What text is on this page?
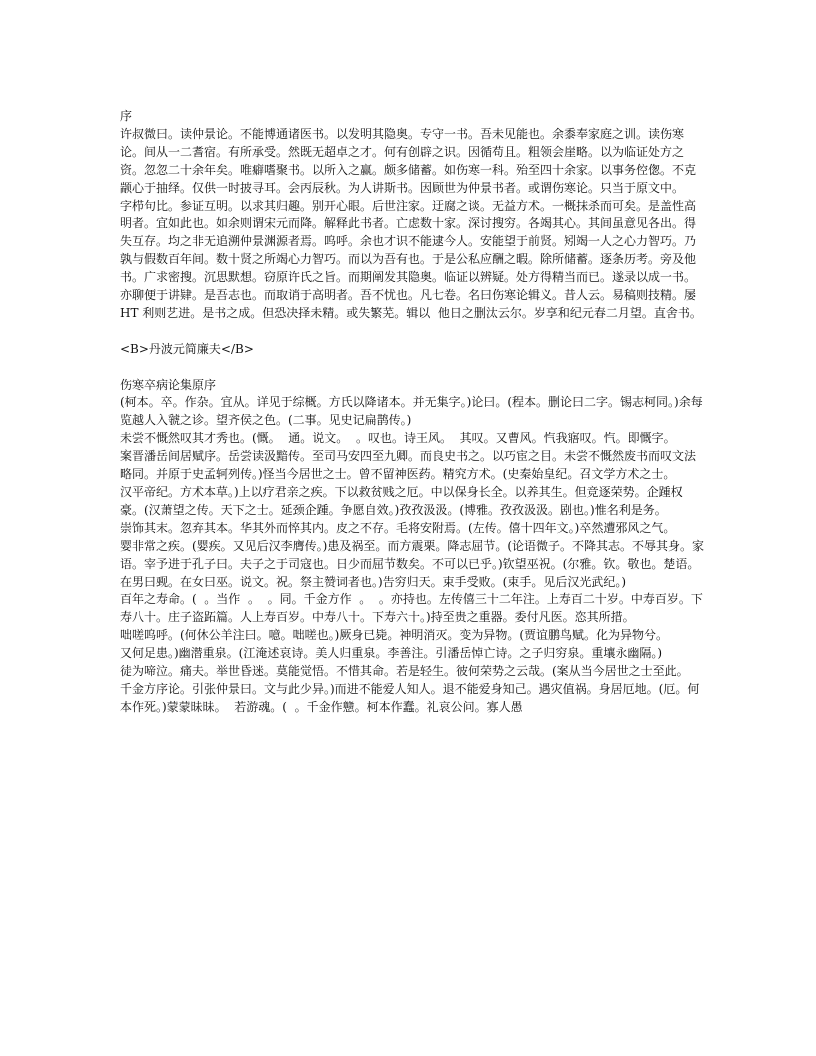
序
许叔微曰。读仲景论。不能博通诸医书。以发明其隐奥。专守一书。吾未见能也。余黍奉家庭之训。读伤寒论。间从一二耆宿。有所承受。然既无超卓之才。何有创辟之识。因循苟且。粗领会崖略。以为临证处方之资。忽忽二十余年矣。唯癖嗜聚书。以所入之赢。颇多储蓄。如伤寒一科。殆至四十余家。以事务倥偬。不克颛心于抽绎。仅供一时披寻耳。会丙辰秋。为人讲斯书。因顾世为仲景书者。或谓伤寒论。只当于原文中。
字栉句比。参证互明。以求其归趣。别开心眼。后世注家。迂腐之谈。无益方术。一概抹杀而可矣。是盖性高明者。宜如此也。如余则谓宋元而降。解释此书者。亡虑数十家。深讨搜穷。各竭其心。其间虽意见各出。得失互存。均之非无追溯仲景渊源者焉。呜呼。余也才识不能逮今人。安能望于前贤。矧竭一人之心力智巧。乃孰与假数百年间。数十贤之所竭心力智巧。而以为吾有也。于是公私应酬之暇。除所储蓄。逐条历考。旁及他书。广求密搜。沉思默想。窃原许氏之旨。而期阐发其隐奥。临证以辨疑。处方得精当而已。遂录以成一书。
亦聊便于讲肄。是吾志也。而取诮于高明者。吾不忧也。凡七卷。名曰伤寒论辑义。昔人云。易稿则技精。屡 HT 利则艺进。是书之成。但恐决择未精。或失繁芜。辑以  他日之删汰云尔。岁享和纪元春二月望。直舍书。
<B>丹波元简廉夫</B>
伤寒卒病论集原序
(柯本。卒。作杂。宜从。详见于综概。方氏以降诸本。并无集字。)论曰。(程本。删论曰二字。锡志柯同。)余每览越人入虢之诊。望齐侯之色。(二事。见史记扁鹊传。)
未尝不慨然叹其才秀也。(慨。  通。说文。  。叹也。诗王风。  其叹。又曹风。忾我寤叹。忾。即慨字。
案晋潘岳间居赋序。岳尝读汲黯传。至司马安四至九卿。而良史书之。以巧宦之目。未尝不慨然废书而叹文法略同。并原于史孟轲列传。)怪当今居世之士。曾不留神医药。精究方术。(史秦始皇纪。召文学方术之士。
汉平帝纪。方术本草。)上以疗君亲之疾。下以救贫贱之厄。中以保身长全。以养其生。但竞逐荣势。企踵权豪。(汉萧望之传。天下之士。延颈企踵。争愿自效。)孜孜汲汲。(博雅。孜孜汲汲。剧也。)惟名利是务。
崇饰其末。忽弃其本。华其外而悴其内。皮之不存。毛将安附焉。(左传。僖十四年文。)卒然遭邪风之气。
婴非常之疾。(婴疾。又见后汉李膺传。)患及祸至。而方震栗。降志屈节。(论语微子。不降其志。不辱其身。家语。宰予进于孔子曰。夫子之于司寇也。日少而屈节数矣。不可以已乎。)钦望巫祝。(尔雅。钦。敬也。楚语。在男曰觋。在女曰巫。说文。祝。祭主赞词者也。)告穷归天。束手受败。(束手。见后汉光武纪。)
百年之寿命。(  。当作  。  。同。千金方作  。  。亦持也。左传僖三十二年注。上寿百二十岁。中寿百岁。下寿八十。庄子盗跖篇。人上寿百岁。中寿八十。下寿六十。)持至贵之重器。委付凡医。恣其所措。
咄嗟呜呼。(何休公羊注曰。噫。咄嗟也。)厥身已毙。神明消灭。变为异物。(贾谊鹏鸟赋。化为异物兮。
又何足患。)幽潜重泉。(江淹述哀诗。美人归重泉。李善注。引潘岳悼亡诗。之子归穷泉。重壤永幽隔。)
徒为啼泣。痛夫。举世昏迷。莫能觉悟。不惜其命。若是轻生。彼何荣势之云哉。(案从当今居世之士至此。
千金方序论。引张仲景曰。文与此少异。)而进不能爱人知人。退不能爱身知己。遇灾值祸。身居厄地。(厄。何本作死。)蒙蒙昧昧。  若游魂。(  。千金作戆。柯本作蠢。礼哀公问。寡人愚
